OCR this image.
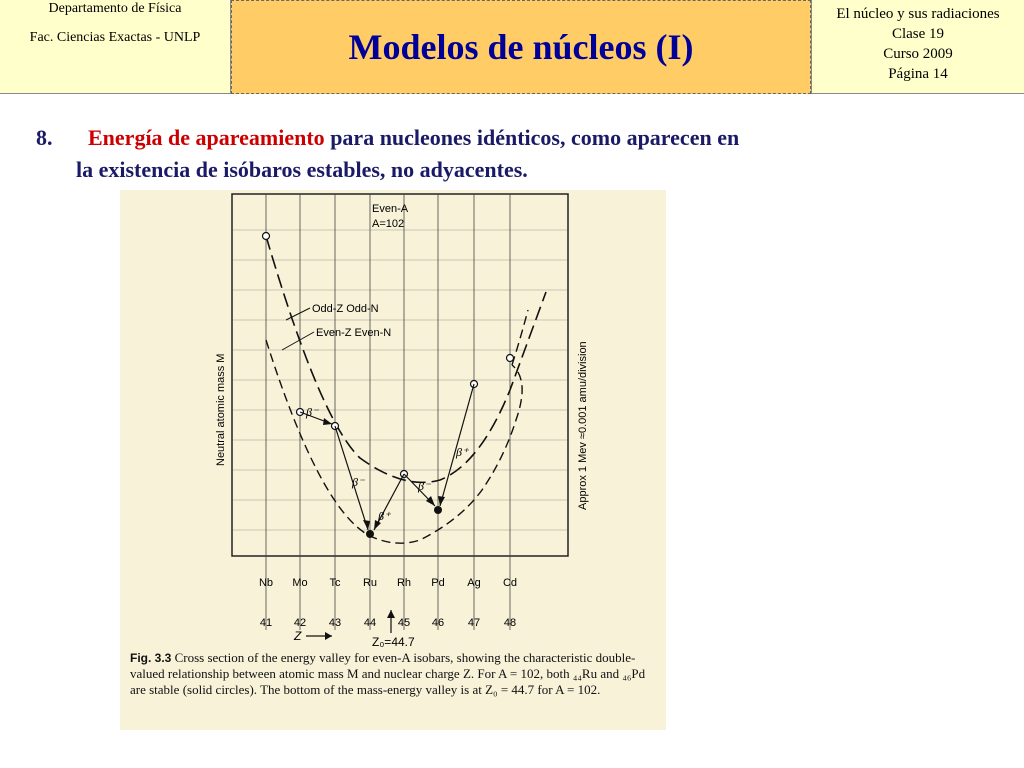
Departamento de Física
Fac. Ciencias Exactas - UNLP	Modelos de núcleos (I)
El núcleo y sus radiaciones
Clase 19
Curso 2009
Página 14
8. Energía de apareamiento para nucleones idénticos, como aparecen en
la existencia de isóbaros estables, no adyacentes.
β⁻
β⁻
β⁺
β⁻
β⁺
Even-A
A=102
Odd-Z Odd-N
Even-Z Even-N
Neutral atomic mass M	Approx 1 Mev ≈0.001 amu/division
Nb Mo Tc Ru Rh Pd Ag Cd
41 42 43 44 45 46 47 48
Z	Z₀=44.7
Fig. 3.3 Cross section of the energy valley for even-A isobars, showing the characteristic double-valued relationship between atomic mass M and nuclear charge Z. For A = 102, both ₄₄Ru and ₄₆Pd are stable (solid circles). The bottom of the mass-energy valley is at Z₀ = 44.7 for A = 102.
